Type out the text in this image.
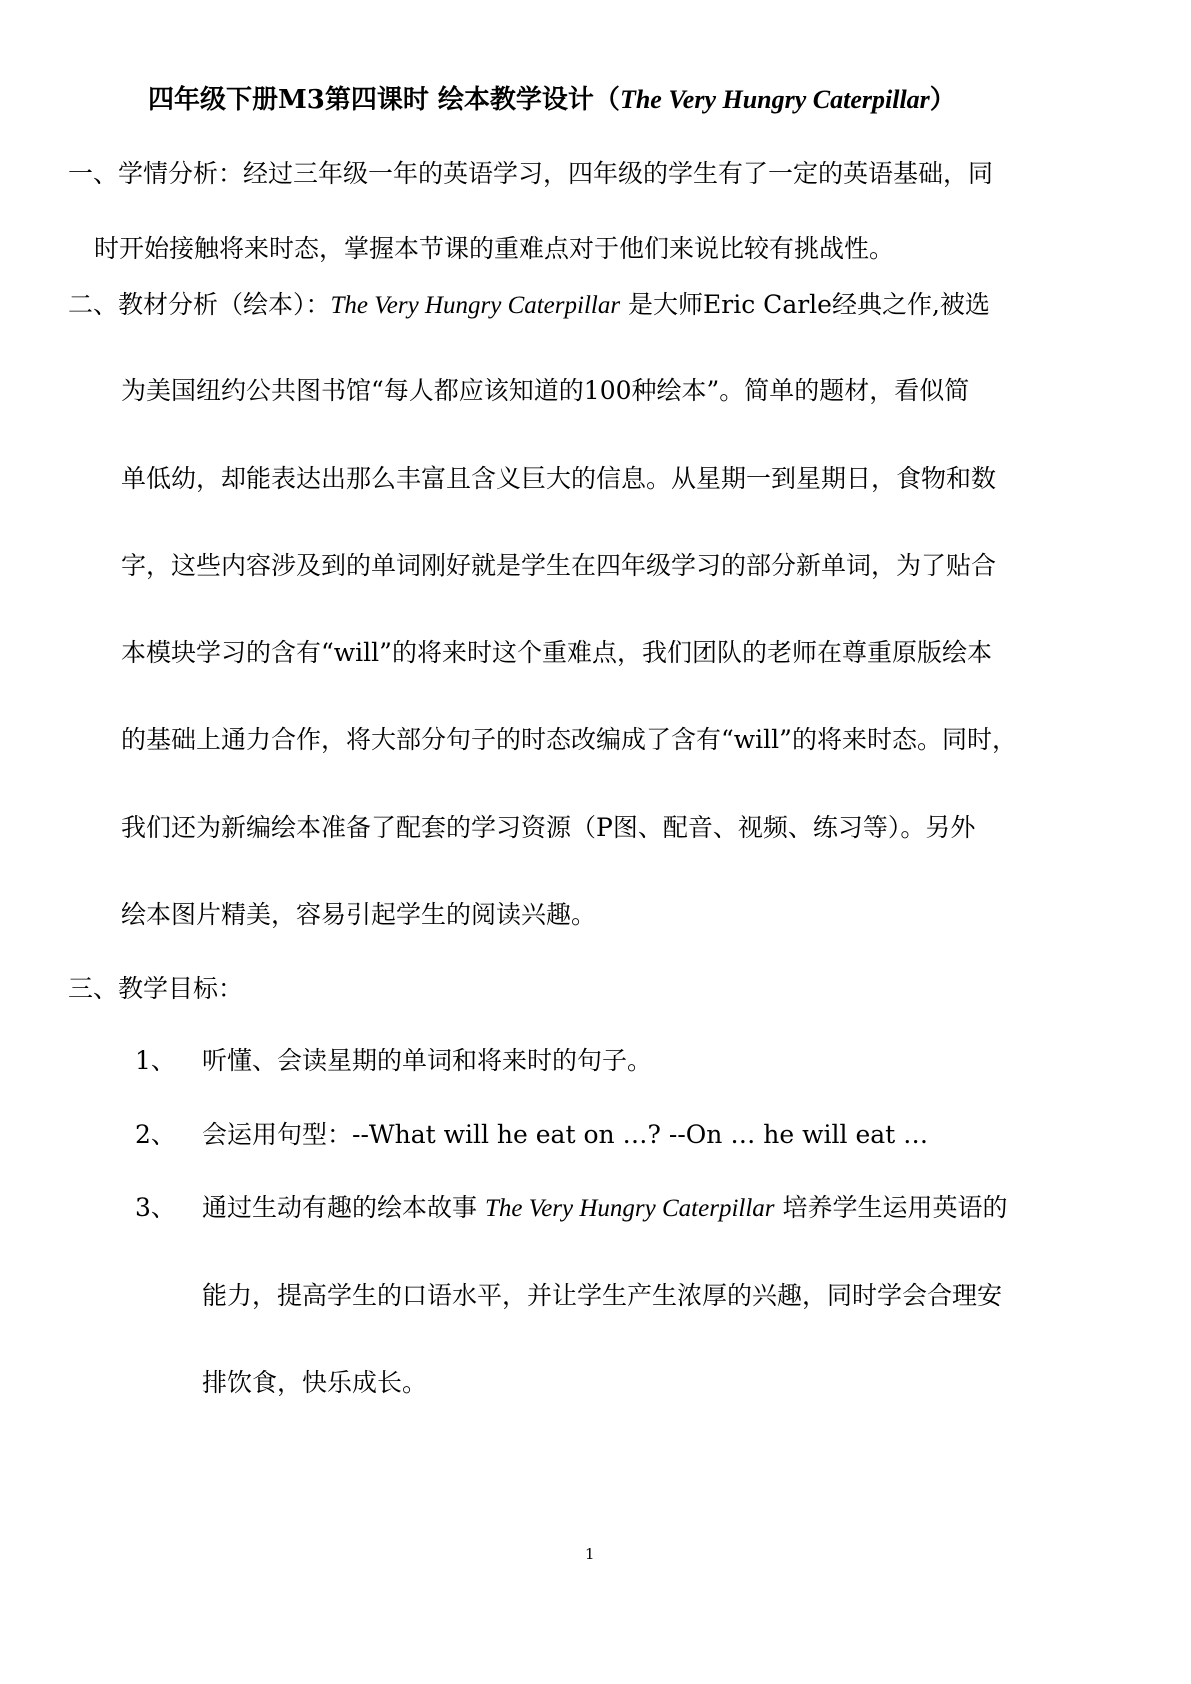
四年级下册M3第四课时 绘本教学设计（The Very Hungry Caterpillar）
一、学情分析：经过三年级一年的英语学习，四年级的学生有了一定的英语基础，同
时开始接触将来时态，掌握本节课的重难点对于他们来说比较有挑战性。
二、教材分析（绘本）：The Very Hungry Caterpillar 是大师Eric Carle经典之作,被选
为美国纽约公共图书馆“每人都应该知道的100种绘本”。简单的题材，看似简
单低幼，却能表达出那么丰富且含义巨大的信息。从星期一到星期日，食物和数
字，这些内容涉及到的单词刚好就是学生在四年级学习的部分新单词，为了贴合
本模块学习的含有“will”的将来时这个重难点，我们团队的老师在尊重原版绘本
的基础上通力合作，将大部分句子的时态改编成了含有“will”的将来时态。同时，
我们还为新编绘本准备了配套的学习资源（P图、配音、视频、练习等）。另外
绘本图片精美，容易引起学生的阅读兴趣。
三、教学目标：
1、 听懂、会读星期的单词和将来时的句子。
2、 会运用句型：--What will he eat on …? --On … he will eat …
3、 通过生动有趣的绘本故事 The Very Hungry Caterpillar 培养学生运用英语的
能力，提高学生的口语水平，并让学生产生浓厚的兴趣，同时学会合理安
排饮食，快乐成长。
1
